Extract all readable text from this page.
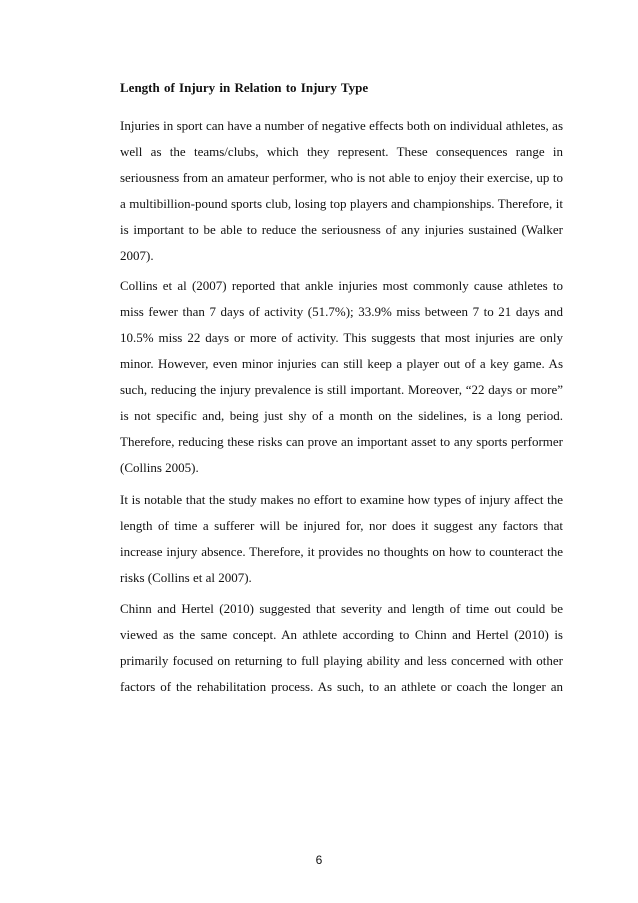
Length of Injury in Relation to Injury Type
Injuries in sport can have a number of negative effects both on individual athletes, as
well as the teams/clubs, which they represent. These consequences range in
seriousness from an amateur performer, who is not able to enjoy their exercise, up to
a multibillion-pound sports club, losing top players and championships. Therefore, it
is important to be able to reduce the seriousness of any injuries sustained (Walker
2007).
Collins et al (2007) reported that ankle injuries most commonly cause athletes to
miss fewer than 7 days of activity (51.7%); 33.9% miss between 7 to 21 days and
10.5% miss 22 days or more of activity. This suggests that most injuries are only
minor. However, even minor injuries can still keep a player out of a key game. As
such, reducing the injury prevalence is still important. Moreover, “22 days or more”
is not specific and, being just shy of a month on the sidelines, is a long period.
Therefore, reducing these risks can prove an important asset to any sports performer
(Collins 2005).
It is notable that the study makes no effort to examine how types of injury affect the
length of time a sufferer will be injured for, nor does it suggest any factors that
increase injury absence. Therefore, it provides no thoughts on how to counteract the
risks (Collins et al 2007).
Chinn and Hertel (2010) suggested that severity and length of time out could be
viewed as the same concept. An athlete according to Chinn and Hertel (2010) is
primarily focused on returning to full playing ability and less concerned with other
factors of the rehabilitation process. As such, to an athlete or coach the longer an
6
